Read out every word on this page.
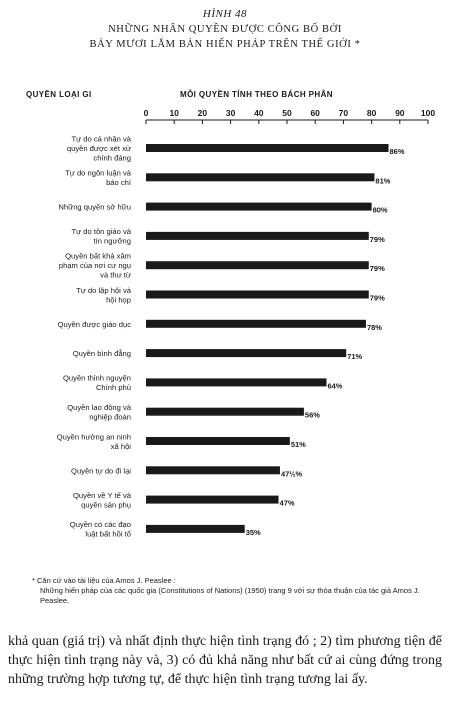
HÌNH 48
NHỮNG NHÂN QUYỀN ĐƯỢC CÔNG BỐ BỞI
BẢY MƯƠI LĂM BẢN HIẾN PHÁP TRÊN THẾ GIỚI *
QUYỀN LOẠI GI	MỖI QUYỀN TÍNH THEO BÁCH PHÂN
0 10 20 30 40 50 60 70 80 90 100
Tự do cá nhân và quyền được xét xử chính đáng
Tự do ngôn luận và báo chí
Những quyền sở hữu
Tự do tôn giáo và tín ngưỡng
Quyền bất khả xâm phạm của nơi cư ngụ và thư từ
Tự do lập hội và hội họp
Quyền được giáo dục
Quyền bình đẳng
Quyền thỉnh nguyện Chính phủ
Quyền lao động và nghiệp đoàn
Quyền hưởng an ninh xã hội
Quyền tự do đi lại
Quyền về Y tế và quyền sản phụ
Quyền có các đạo luật bất hồi tố
86%
81%
80%
79%
79%
79%
78%
71%
64%
56%
51%
47½%
47%
35%
* Căn cứ vào tài liệu của Amos J. Peaslee :
Những hiến pháp của các quốc gia (Constitutions of Nations) (1950) trang 9 với sự thỏa thuận của tác giả Amos J. Peaslee.
khả quan (giá trị) và nhất định thực hiện tình trạng đó ; 2) tìm phương tiện để thực hiện tình trạng này và, 3) có đủ khả năng như bất cứ ai cùng đứng trong những trường hợp tương tự, để thực hiện tình trạng tương lai ấy.
